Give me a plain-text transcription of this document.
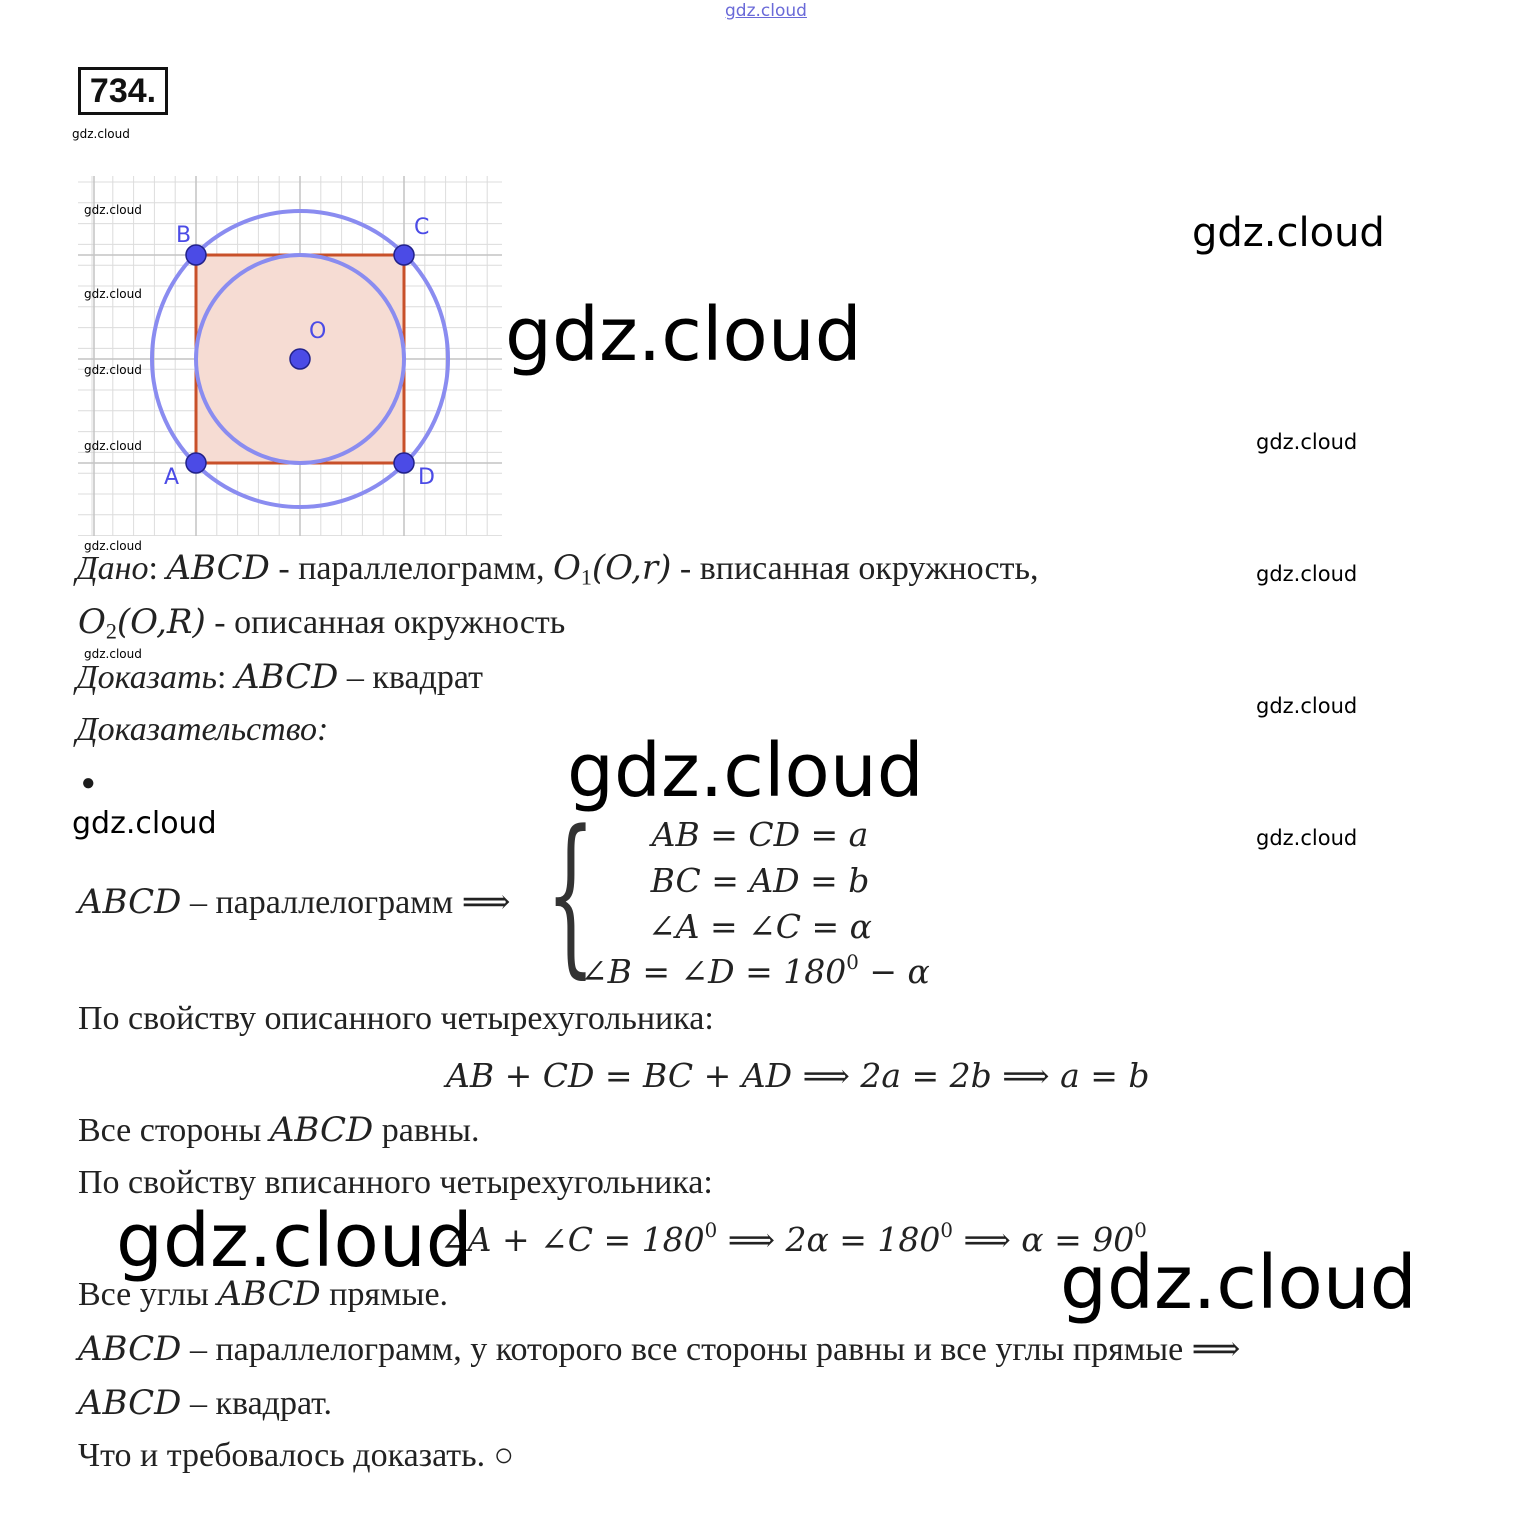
gdz.cloud
734.
gdz.cloud
B	C
O
A	D
gdz.cloud
gdz.cloud
gdz.cloud
gdz.cloud
gdz.cloud
gdz.cloud
gdz.cloud
gdz.cloud
gdz.cloud
gdz.cloud
gdz.cloud
Дано: ABCD - параллелограмм, $O_1(O,r)$ - вписанная окружность,
$O_2(O,R)$ - описанная окружность
gdz.cloud
Доказать: ABCD – квадрат
Доказательство:
●	gdz.cloud
gdz.cloud
ABCD – параллелограмм ⟹ {	AB = CD = a
BC = AD = b
∠A = ∠C = α
∠B = ∠D = $180^0 - \alpha$
По свойству описанного четырехугольника:
AB + CD = BC + AD ⟹ 2a = 2b ⟹ a = b
Все стороны ABCD равны.
По свойству вписанного четырехугольника:
∠A + ∠C = $180^0$ ⟹ $2\alpha = 180^0$ ⟹ $\alpha = 90^0$
gdz.cloud
Все углы ABCD прямые.	gdz.cloud
ABCD – параллелограмм, у которого все стороны равны и все углы прямые ⟹
ABCD – квадрат.
Что и требовалось доказать. ○
